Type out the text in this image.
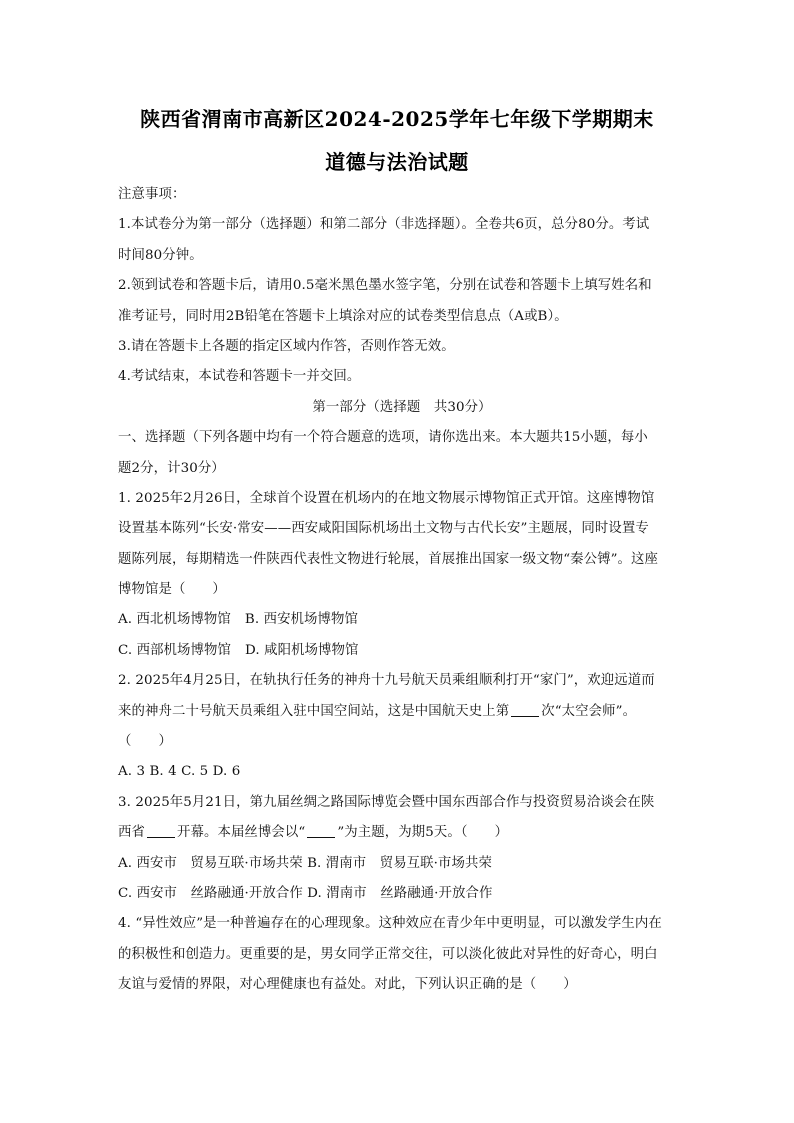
陕西省渭南市高新区2024-2025学年七年级下学期期末
道德与法治试题
注意事项：
1.本试卷分为第一部分（选择题）和第二部分（非选择题）。全卷共6页，总分80分。考试
时间80分钟。
2.领到试卷和答题卡后，请用0.5毫米黑色墨水签字笔，分别在试卷和答题卡上填写姓名和
准考证号，同时用2B铅笔在答题卡上填涂对应的试卷类型信息点（A或B）。
3.请在答题卡上各题的指定区域内作答，否则作答无效。
4.考试结束，本试卷和答题卡一并交回。
第一部分（选择题　共30分）
一、选择题（下列各题中均有一个符合题意的选项，请你选出来。本大题共15小题，每小
题2分，计30分）
1. 2025年2月26日，全球首个设置在机场内的在地文物展示博物馆正式开馆。这座博物馆
设置基本陈列“长安·常安——西安咸阳国际机场出土文物与古代长安”主题展，同时设置专
题陈列展，每期精选一件陕西代表性文物进行轮展，首展推出国家一级文物“秦公镈”。这座
博物馆是（　　）
A. 西北机场博物馆 B. 西安机场博物馆
C. 西部机场博物馆 D. 咸阳机场博物馆
2. 2025年4月25日，在轨执行任务的神舟十九号航天员乘组顺利打开“家门”，欢迎远道而
来的神舟二十号航天员乘组入驻中国空间站，这是中国航天史上第 次“太空会师”。
（　　）
A. 3 B. 4 C. 5 D. 6
3. 2025年5月21日，第九届丝绸之路国际博览会暨中国东西部合作与投资贸易洽谈会在陕
西省 开幕。本届丝博会以“ ”为主题，为期5天。（　　）
A. 西安市　贸易互联·市场共荣 B. 渭南市　贸易互联·市场共荣
C. 西安市　丝路融通·开放合作 D. 渭南市　丝路融通·开放合作
4. “异性效应”是一种普遍存在的心理现象。这种效应在青少年中更明显，可以激发学生内在
的积极性和创造力。更重要的是，男女同学正常交往，可以淡化彼此对异性的好奇心，明白
友谊与爱情的界限，对心理健康也有益处。对此，下列认识正确的是（　　）
